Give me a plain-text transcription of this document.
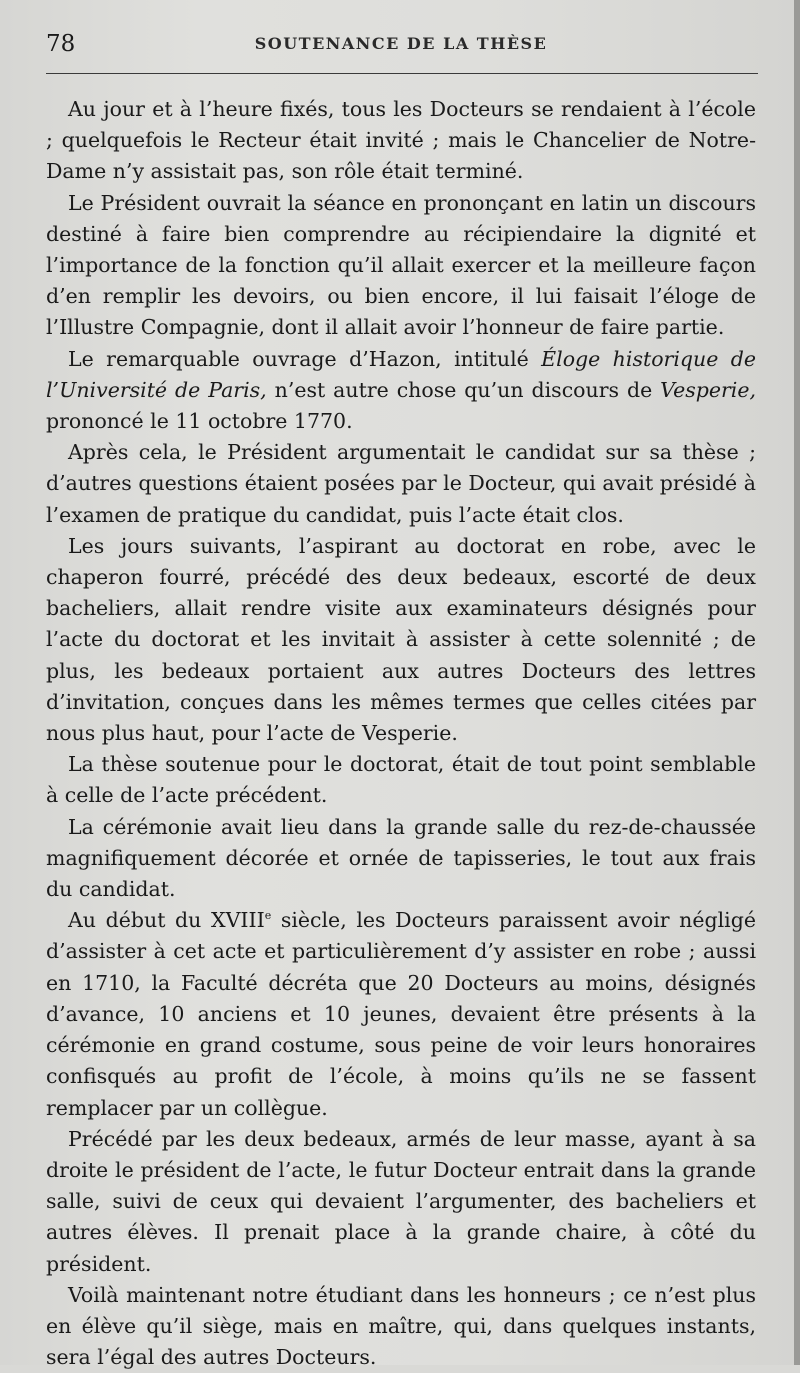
78	SOUTENANCE DE LA THÈSE

Au jour et à l’heure fixés, tous les Docteurs se rendaient à l’école ; quelquefois le Recteur était invité ; mais le Chancelier de Notre-Dame n’y assistait pas, son rôle était terminé.

Le Président ouvrait la séance en prononçant en latin un discours destiné à faire bien comprendre au récipiendaire la dignité et l’importance de la fonction qu’il allait exercer et la meilleure façon d’en remplir les devoirs, ou bien encore, il lui faisait l’éloge de l’Illustre Compagnie, dont il allait avoir l’honneur de faire partie.

Le remarquable ouvrage d’Hazon, intitulé Éloge historique de l’Université de Paris, n’est autre chose qu’un discours de Vesperie, prononcé le 11 octobre 1770.

Après cela, le Président argumentait le candidat sur sa thèse ; d’autres questions étaient posées par le Docteur, qui avait présidé à l’examen de pratique du candidat, puis l’acte était clos.

Les jours suivants, l’aspirant au doctorat en robe, avec le chaperon fourré, précédé des deux bedeaux, escorté de deux bacheliers, allait rendre visite aux examinateurs désignés pour l’acte du doctorat et les invitait à assister à cette solennité ; de plus, les bedeaux portaient aux autres Docteurs des lettres d’invitation, conçues dans les mêmes termes que celles citées par nous plus haut, pour l’acte de Vesperie.

La thèse soutenue pour le doctorat, était de tout point semblable à celle de l’acte précédent.

La cérémonie avait lieu dans la grande salle du rez-de-chaussée magnifiquement décorée et ornée de tapisseries, le tout aux frais du candidat.

Au début du XVIIIe siècle, les Docteurs paraissent avoir négligé d’assister à cet acte et particulièrement d’y assister en robe ; aussi en 1710, la Faculté décréta que 20 Docteurs au moins, désignés d’avance, 10 anciens et 10 jeunes, devaient être présents à la cérémonie en grand costume, sous peine de voir leurs honoraires confisqués au profit de l’école, à moins qu’ils ne se fassent remplacer par un collègue.

Précédé par les deux bedeaux, armés de leur masse, ayant à sa droite le président de l’acte, le futur Docteur entrait dans la grande salle, suivi de ceux qui devaient l’argumenter, des bacheliers et autres élèves. Il prenait place à la grande chaire, à côté du président.

Voilà maintenant notre étudiant dans les honneurs ; ce n’est plus en élève qu’il siège, mais en maître, qui, dans quelques instants, sera l’égal des autres Docteurs.
